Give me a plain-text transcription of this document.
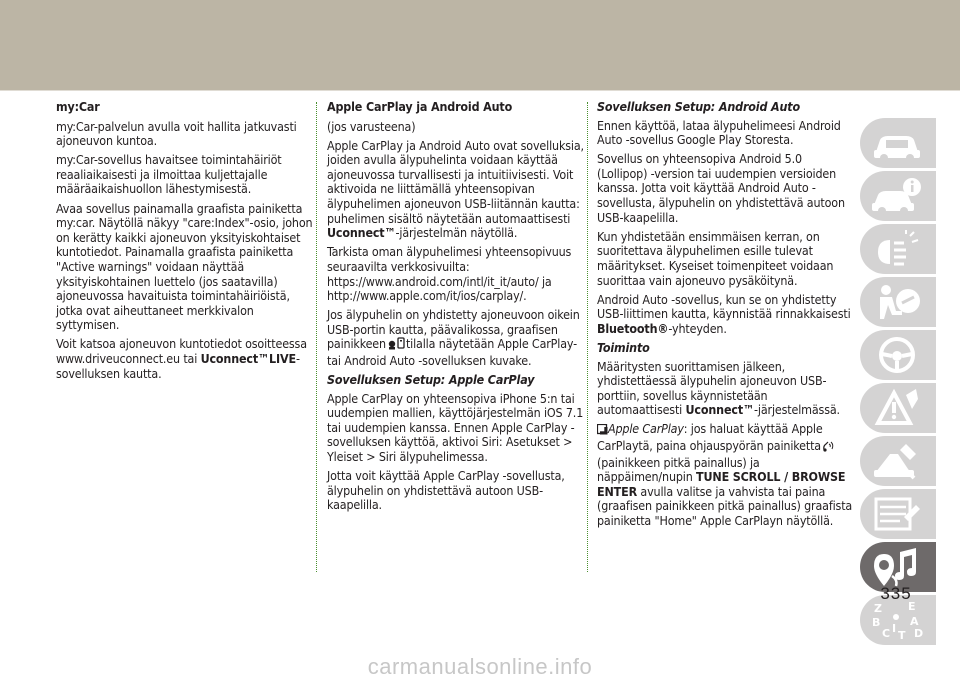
my:Car

my:Car-palvelun avulla voit hallita jatkuvasti ajoneuvon kuntoa.

my:Car-sovellus havaitsee toimintahäiriöt reaaliaikaisesti ja ilmoittaa kuljettajalle määräaikaishuollon lähestymisestä.

Avaa sovellus painamalla graafista painiketta my:car. Näytöllä näkyy "care:Index"-osio, johon on kerätty kaikki ajoneuvon yksityiskohtaiset kuntotiedot. Painamalla graafista painiketta "Active warnings" voidaan näyttää yksityiskohtainen luettelo (jos saatavilla) ajoneuvossa havaituista toimintahäiriöistä, jotka ovat aiheuttaneet merkkivalon syttymisen.

Voit katsoa ajoneuvon kuntotiedot osoitteessa www.driveuconnect.eu tai Uconnect™LIVE-sovelluksen kautta.

Apple CarPlay ja Android Auto

(jos varusteena)

Apple CarPlay ja Android Auto ovat sovelluksia, joiden avulla älypuhelinta voidaan käyttää ajoneuvossa turvallisesti ja intuitiivisesti. Voit aktivoida ne liittämällä yhteensopivan älypuhelimen ajoneuvon USB-liitännän kautta: puhelimen sisältö näytetään automaattisesti Uconnect™-järjestelmän näytöllä.

Tarkista oman älypuhelimesi yhteensopivuus seuraavilta verkkosivuilta: https://www.android.com/intl/it_it/auto/ ja http://www.apple.com/it/ios/carplay/.

Jos älypuhelin on yhdistetty ajoneuvoon oikein USB-portin kautta, päävalikossa, graafisen painikkeen tilalla näytetään Apple CarPlay- tai Android Auto -sovelluksen kuvake.

Sovelluksen Setup: Apple CarPlay

Apple CarPlay on yhteensopiva iPhone 5:n tai uudempien mallien, käyttöjärjestelmän iOS 7.1 tai uudempien kanssa. Ennen Apple CarPlay -sovelluksen käyttöä, aktivoi Siri: Asetukset > Yleiset > Siri älypuhelimessa.

Jotta voit käyttää Apple CarPlay -sovellusta, älypuhelin on yhdistettävä autoon USB-kaapelilla.

Sovelluksen Setup: Android Auto

Ennen käyttöä, lataa älypuhelimeesi Android Auto -sovellus Google Play Storesta.

Sovellus on yhteensopiva Android 5.0 (Lollipop) -version tai uudempien versioiden kanssa. Jotta voit käyttää Android Auto -sovellusta, älypuhelin on yhdistettävä autoon USB-kaapelilla.

Kun yhdistetään ensimmäisen kerran, on suoritettava älypuhelimen esille tulevat määritykset. Kyseiset toimenpiteet voidaan suorittaa vain ajoneuvo pysäköitynä.

Android Auto -sovellus, kun se on yhdistetty USB-liittimen kautta, käynnistää rinnakkaisesti Bluetooth®-yhteyden.

Toiminto

Määritysten suorittamisen jälkeen, yhdistettäessä älypuhelin ajoneuvon USB-porttiin, sovellus käynnistetään automaattisesti Uconnect™-järjestelmässä.

Apple CarPlay: jos haluat käyttää Apple CarPlaytä, paina ohjauspyörän painiketta(painikkeen pitkä painallus) ja näppäimen/nupin TUNE SCROLL / BROWSE ENTER avulla valitse ja vahvista tai paina (graafisen painikkeen pitkä painallus) graafista painiketta "Home" Apple CarPlayn näytöllä.

Z E
B	A
C D
I
T
335
carmanualsonline.info
